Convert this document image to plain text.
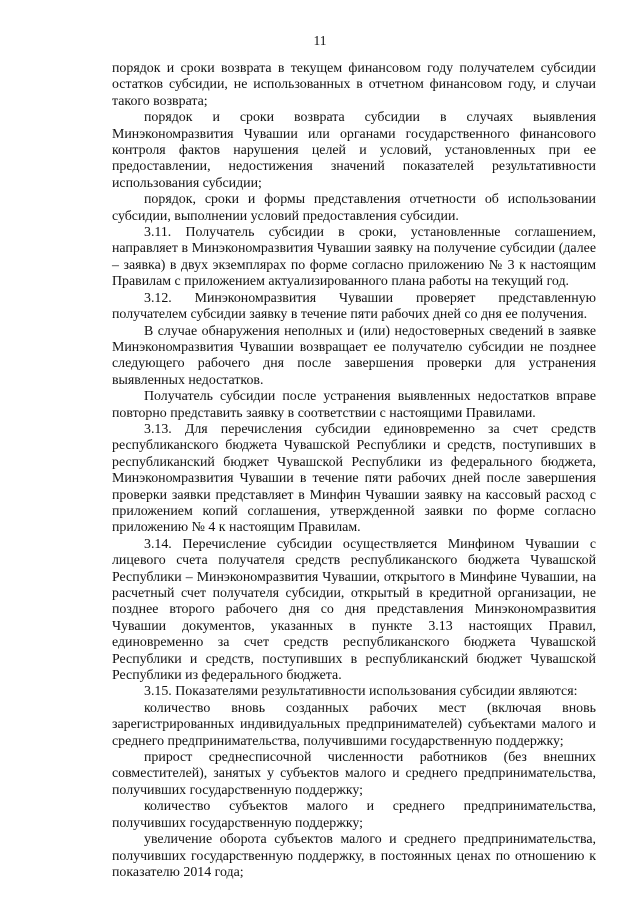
11

порядок и сроки возврата в текущем финансовом году получателем субсидии остатков субсидии, не использованных в отчетном финансовом году, и случаи такого возврата;

порядок и сроки возврата субсидии в случаях выявления Минэкономразвития Чувашии или органами государственного финансового контроля фактов нарушения целей и условий, установленных при ее предоставлении, недостижения значений показателей результативности использования субсидии;

порядок, сроки и формы представления отчетности об использовании субсидии, выполнении условий предоставления субсидии.

3.11. Получатель субсидии в сроки, установленные соглашением, направляет в Минэкономразвития Чувашии заявку на получение субсидии (далее – заявка) в двух экземплярах по форме согласно приложению № 3 к настоящим Правилам с приложением актуализированного плана работы на текущий год.

3.12. Минэкономразвития Чувашии проверяет представленную получателем субсидии заявку в течение пяти рабочих дней со дня ее получения.

В случае обнаружения неполных и (или) недостоверных сведений в заявке Минэкономразвития Чувашии возвращает ее получателю субсидии не позднее следующего рабочего дня после завершения проверки для устранения выявленных недостатков.

Получатель субсидии после устранения выявленных недостатков вправе повторно представить заявку в соответствии с настоящими Правилами.

3.13. Для перечисления субсидии единовременно за счет средств республиканского бюджета Чувашской Республики и средств, поступивших в республиканский бюджет Чувашской Республики из федерального бюджета, Минэкономразвития Чувашии в течение пяти рабочих дней после завершения проверки заявки представляет в Минфин Чувашии заявку на кассовый расход с приложением копий соглашения, утвержденной заявки по форме согласно приложению № 4 к настоящим Правилам.

3.14. Перечисление субсидии осуществляется Минфином Чувашии с лицевого счета получателя средств республиканского бюджета Чувашской Республики – Минэкономразвития Чувашии, открытого в Минфине Чувашии, на расчетный счет получателя субсидии, открытый в кредитной организации, не позднее второго рабочего дня со дня представления Минэкономразвития Чувашии документов, указанных в пункте 3.13 настоящих Правил, единовременно за счет средств республиканского бюджета Чувашской Республики и средств, поступивших в республиканский бюджет Чувашской Республики из федерального бюджета.

3.15. Показателями результативности использования субсидии являются:

количество вновь созданных рабочих мест (включая вновь зарегистрированных индивидуальных предпринимателей) субъектами малого и среднего предпринимательства, получившими государственную поддержку;

прирост среднесписочной численности работников (без внешних совместителей), занятых у субъектов малого и среднего предпринимательства, получивших государственную поддержку;

количество субъектов малого и среднего предпринимательства, получивших государственную поддержку;

увеличение оборота субъектов малого и среднего предпринимательства, получивших государственную поддержку, в постоянных ценах по отношению к показателю 2014 года;
